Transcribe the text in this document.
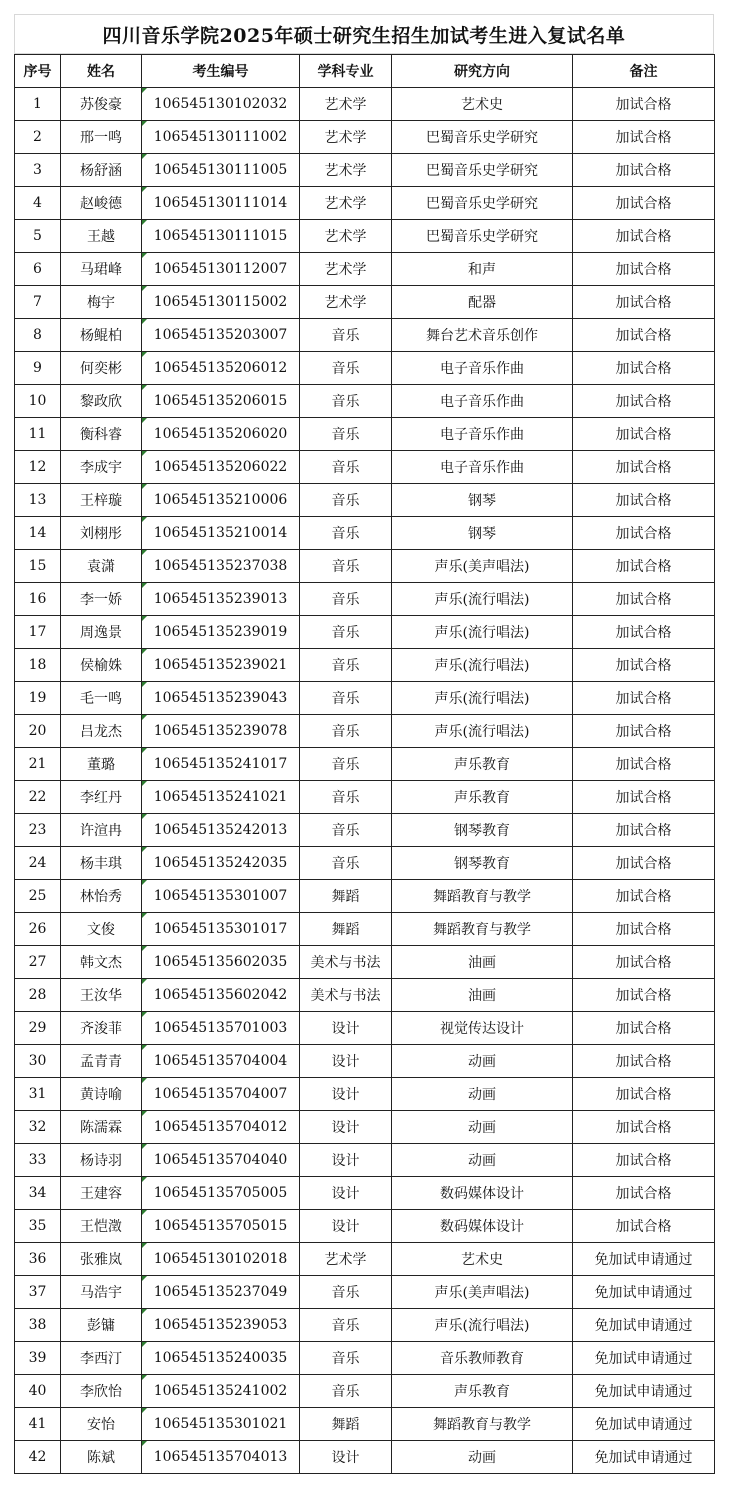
四川音乐学院2025年硕士研究生招生加试考生进入复试名单
序号	姓名	考生编号	学科专业	研究方向	备注
1	苏俊豪	106545130102032	艺术学	艺术史	加试合格
2	邢一鸣	106545130111002	艺术学	巴蜀音乐史学研究	加试合格
3	杨舒涵	106545130111005	艺术学	巴蜀音乐史学研究	加试合格
4	赵峻德	106545130111014	艺术学	巴蜀音乐史学研究	加试合格
5	王越	106545130111015	艺术学	巴蜀音乐史学研究	加试合格
6	马珺峰	106545130112007	艺术学	和声	加试合格
7	梅宇	106545130115002	艺术学	配器	加试合格
8	杨鲲柏	106545135203007	音乐	舞台艺术音乐创作	加试合格
9	何奕彬	106545135206012	音乐	电子音乐作曲	加试合格
10	黎政欣	106545135206015	音乐	电子音乐作曲	加试合格
11	衡科睿	106545135206020	音乐	电子音乐作曲	加试合格
12	李成宇	106545135206022	音乐	电子音乐作曲	加试合格
13	王梓璇	106545135210006	音乐	钢琴	加试合格
14	刘栩彤	106545135210014	音乐	钢琴	加试合格
15	袁潇	106545135237038	音乐	声乐(美声唱法)	加试合格
16	李一娇	106545135239013	音乐	声乐(流行唱法)	加试合格
17	周逸景	106545135239019	音乐	声乐(流行唱法)	加试合格
18	侯榆姝	106545135239021	音乐	声乐(流行唱法)	加试合格
19	毛一鸣	106545135239043	音乐	声乐(流行唱法)	加试合格
20	吕龙杰	106545135239078	音乐	声乐(流行唱法)	加试合格
21	董璐	106545135241017	音乐	声乐教育	加试合格
22	李红丹	106545135241021	音乐	声乐教育	加试合格
23	许渲冉	106545135242013	音乐	钢琴教育	加试合格
24	杨丰琪	106545135242035	音乐	钢琴教育	加试合格
25	林怡秀	106545135301007	舞蹈	舞蹈教育与教学	加试合格
26	文俊	106545135301017	舞蹈	舞蹈教育与教学	加试合格
27	韩文杰	106545135602035	美术与书法	油画	加试合格
28	王汝华	106545135602042	美术与书法	油画	加试合格
29	齐浚菲	106545135701003	设计	视觉传达设计	加试合格
30	孟青青	106545135704004	设计	动画	加试合格
31	黄诗喻	106545135704007	设计	动画	加试合格
32	陈濡霖	106545135704012	设计	动画	加试合格
33	杨诗羽	106545135704040	设计	动画	加试合格
34	王建容	106545135705005	设计	数码媒体设计	加试合格
35	王恺澂	106545135705015	设计	数码媒体设计	加试合格
36	张雅岚	106545130102018	艺术学	艺术史	免加试申请通过
37	马浩宇	106545135237049	音乐	声乐(美声唱法)	免加试申请通过
38	彭镛	106545135239053	音乐	声乐(流行唱法)	免加试申请通过
39	李西汀	106545135240035	音乐	音乐教师教育	免加试申请通过
40	李欣怡	106545135241002	音乐	声乐教育	免加试申请通过
41	安怡	106545135301021	舞蹈	舞蹈教育与教学	免加试申请通过
42	陈斌	106545135704013	设计	动画	免加试申请通过
